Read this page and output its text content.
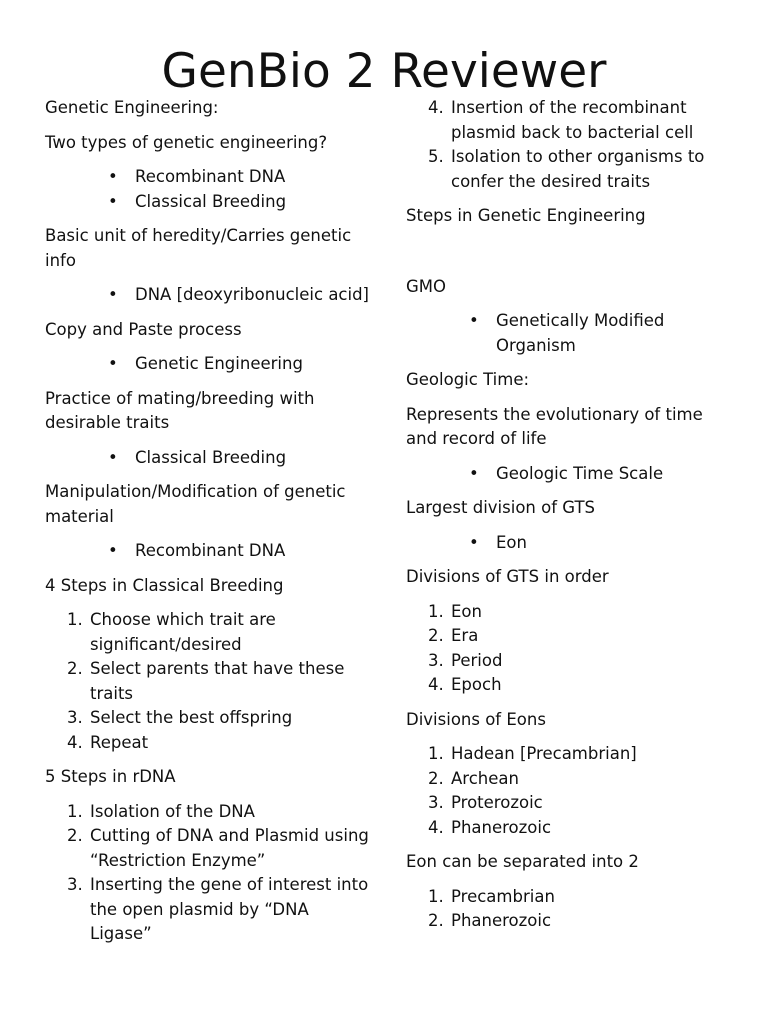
GenBio 2 Reviewer

Genetic Engineering:

Two types of genetic engineering?

• Recombinant DNA
• Classical Breeding

Basic unit of heredity/Carries genetic info

• DNA [deoxyribonucleic acid]

Copy and Paste process

• Genetic Engineering

Practice of mating/breeding with desirable traits

• Classical Breeding

Manipulation/Modification of genetic material

• Recombinant DNA

4 Steps in Classical Breeding

1. Choose which trait are significant/desired
2. Select parents that have these traits
3. Select the best offspring
4. Repeat

5 Steps in rDNA

1. Isolation of the DNA
2. Cutting of DNA and Plasmid using “Restriction Enzyme”
3. Inserting the gene of interest into the open plasmid by “DNA Ligase”
4. Insertion of the recombinant plasmid back to bacterial cell
5. Isolation to other organisms to confer the desired traits

Steps in Genetic Engineering

GMO

• Genetically Modified Organism

Geologic Time:

Represents the evolutionary of time and record of life

• Geologic Time Scale

Largest division of GTS

• Eon

Divisions of GTS in order

1. Eon
2. Era
3. Period
4. Epoch

Divisions of Eons

1. Hadean [Precambrian]
2. Archean
3. Proterozoic
4. Phanerozoic

Eon can be separated into 2

1. Precambrian
2. Phanerozoic
